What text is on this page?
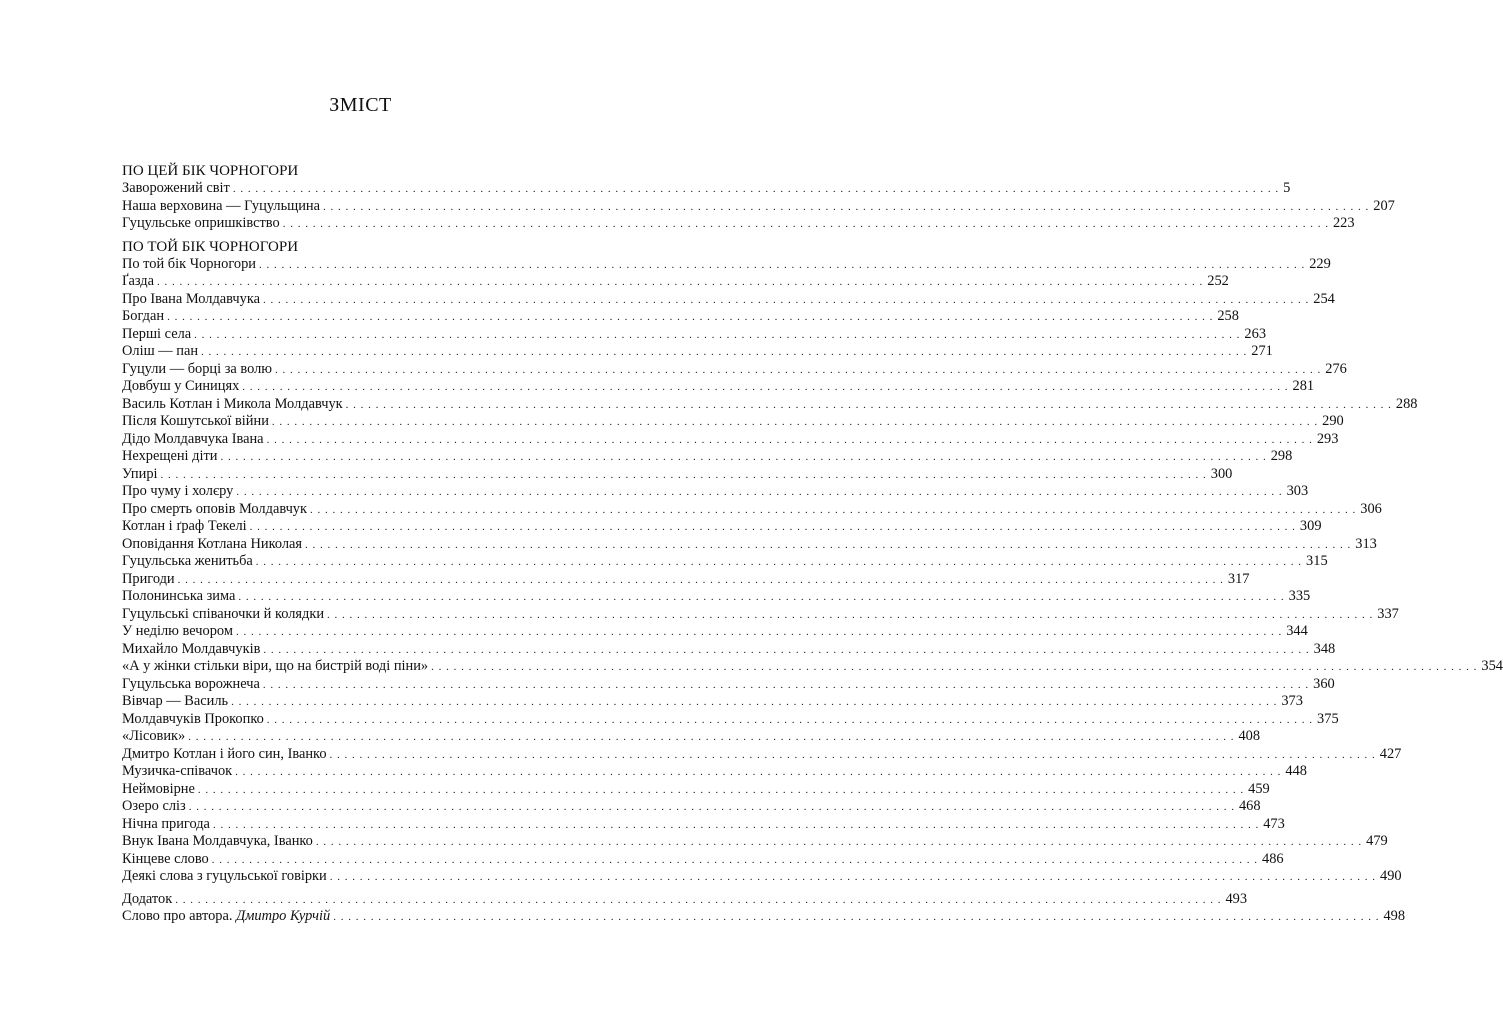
ЗМІСТ
ПО ЦЕЙ БІК ЧОРНОГОРИ
Заворожений світ . . . . . . . . . . . . . . . . . . . . . . . . . . . . . . . . . . . . . . . . . . . . . . . . . . . . . . . . . . . . . . . . . . . . . . . . . . . . . . . . . . . . . . . . . . . . . . . . . . . . . . . . . . . . . . . . . . . . . . . . . . . . . . . . . . . . . . . . . . . . 5
Наша верховина — Гуцульщина . . . . . . . . . . . . . . . . . . . . . . . . . . . . . . . . . . . . . . . . . . . . . . . . . . . . . . . . . . . . . . . . . . . . . . . . . . . . . . . . . . . . . . . . . . . . . . . . . . . . . . . . . . . . . . . . . . . . . . . . . . . . . . . . . . . . . . . . . . . . 207
Гуцульське опришківство . . . . . . . . . . . . . . . . . . . . . . . . . . . . . . . . . . . . . . . . . . . . . . . . . . . . . . . . . . . . . . . . . . . . . . . . . . . . . . . . . . . . . . . . . . . . . . . . . . . . . . . . . . . . . . . . . . . . . . . . . . . . . . . . . . . . . . . . . . . . 223
ПО ТОЙ БІК ЧОРНОГОРИ
По той бік Чорногори . . . . . . . . . . . . . . . . . . . . . . . . . . . . . . . . . . . . . . . . . . . . . . . . . . . . . . . . . . . . . . . . . . . . . . . . . . . . . . . . . . . . . . . . . . . . . . . . . . . . . . . . . . . . . . . . . . . . . . . . . . . . . . . . . . . . . . . . . . . . 229
Ґазда . . . . . . . . . . . . . . . . . . . . . . . . . . . . . . . . . . . . . . . . . . . . . . . . . . . . . . . . . . . . . . . . . . . . . . . . . . . . . . . . . . . . . . . . . . . . . . . . . . . . . . . . . . . . . . . . . . . . . . . . . . . . . . . . . . . . . . . . . . . . 252
Про Івана Молдавчука . . . . . . . . . . . . . . . . . . . . . . . . . . . . . . . . . . . . . . . . . . . . . . . . . . . . . . . . . . . . . . . . . . . . . . . . . . . . . . . . . . . . . . . . . . . . . . . . . . . . . . . . . . . . . . . . . . . . . . . . . . . . . . . . . . . . . . . . . . . . 254
Богдан . . . . . . . . . . . . . . . . . . . . . . . . . . . . . . . . . . . . . . . . . . . . . . . . . . . . . . . . . . . . . . . . . . . . . . . . . . . . . . . . . . . . . . . . . . . . . . . . . . . . . . . . . . . . . . . . . . . . . . . . . . . . . . . . . . . . . . . . . . . . 258
Перші села . . . . . . . . . . . . . . . . . . . . . . . . . . . . . . . . . . . . . . . . . . . . . . . . . . . . . . . . . . . . . . . . . . . . . . . . . . . . . . . . . . . . . . . . . . . . . . . . . . . . . . . . . . . . . . . . . . . . . . . . . . . . . . . . . . . . . . . . . . . . 263
Оліш — пан . . . . . . . . . . . . . . . . . . . . . . . . . . . . . . . . . . . . . . . . . . . . . . . . . . . . . . . . . . . . . . . . . . . . . . . . . . . . . . . . . . . . . . . . . . . . . . . . . . . . . . . . . . . . . . . . . . . . . . . . . . . . . . . . . . . . . . . . . . . . 271
Гуцули — борці за волю . . . . . . . . . . . . . . . . . . . . . . . . . . . . . . . . . . . . . . . . . . . . . . . . . . . . . . . . . . . . . . . . . . . . . . . . . . . . . . . . . . . . . . . . . . . . . . . . . . . . . . . . . . . . . . . . . . . . . . . . . . . . . . . . . . . . . . . . . . . . 276
Довбуш у Синицях . . . . . . . . . . . . . . . . . . . . . . . . . . . . . . . . . . . . . . . . . . . . . . . . . . . . . . . . . . . . . . . . . . . . . . . . . . . . . . . . . . . . . . . . . . . . . . . . . . . . . . . . . . . . . . . . . . . . . . . . . . . . . . . . . . . . . . . . . . . . 281
Василь Котлан і Микола Молдавчук . . . . . . . . . . . . . . . . . . . . . . . . . . . . . . . . . . . . . . . . . . . . . . . . . . . . . . . . . . . . . . . . . . . . . . . . . . . . . . . . . . . . . . . . . . . . . . . . . . . . . . . . . . . . . . . . . . . . . . . . . . . . . . . . . . . . . . . . . . . . 288
Після Кошутської війни . . . . . . . . . . . . . . . . . . . . . . . . . . . . . . . . . . . . . . . . . . . . . . . . . . . . . . . . . . . . . . . . . . . . . . . . . . . . . . . . . . . . . . . . . . . . . . . . . . . . . . . . . . . . . . . . . . . . . . . . . . . . . . . . . . . . . . . . . . . . 290
Дідо Молдавчука Івана . . . . . . . . . . . . . . . . . . . . . . . . . . . . . . . . . . . . . . . . . . . . . . . . . . . . . . . . . . . . . . . . . . . . . . . . . . . . . . . . . . . . . . . . . . . . . . . . . . . . . . . . . . . . . . . . . . . . . . . . . . . . . . . . . . . . . . . . . . . . 293
Нехрещені діти . . . . . . . . . . . . . . . . . . . . . . . . . . . . . . . . . . . . . . . . . . . . . . . . . . . . . . . . . . . . . . . . . . . . . . . . . . . . . . . . . . . . . . . . . . . . . . . . . . . . . . . . . . . . . . . . . . . . . . . . . . . . . . . . . . . . . . . . . . . . 298
Упирі . . . . . . . . . . . . . . . . . . . . . . . . . . . . . . . . . . . . . . . . . . . . . . . . . . . . . . . . . . . . . . . . . . . . . . . . . . . . . . . . . . . . . . . . . . . . . . . . . . . . . . . . . . . . . . . . . . . . . . . . . . . . . . . . . . . . . . . . . . . . 300
Про чуму і холєру . . . . . . . . . . . . . . . . . . . . . . . . . . . . . . . . . . . . . . . . . . . . . . . . . . . . . . . . . . . . . . . . . . . . . . . . . . . . . . . . . . . . . . . . . . . . . . . . . . . . . . . . . . . . . . . . . . . . . . . . . . . . . . . . . . . . . . . . . . . . 303
Про смерть оповів Молдавчук . . . . . . . . . . . . . . . . . . . . . . . . . . . . . . . . . . . . . . . . . . . . . . . . . . . . . . . . . . . . . . . . . . . . . . . . . . . . . . . . . . . . . . . . . . . . . . . . . . . . . . . . . . . . . . . . . . . . . . . . . . . . . . . . . . . . . . . . . . . . 306
Котлан і ґраф Текелі . . . . . . . . . . . . . . . . . . . . . . . . . . . . . . . . . . . . . . . . . . . . . . . . . . . . . . . . . . . . . . . . . . . . . . . . . . . . . . . . . . . . . . . . . . . . . . . . . . . . . . . . . . . . . . . . . . . . . . . . . . . . . . . . . . . . . . . . . . . . 309
Оповідання Котлана Николая . . . . . . . . . . . . . . . . . . . . . . . . . . . . . . . . . . . . . . . . . . . . . . . . . . . . . . . . . . . . . . . . . . . . . . . . . . . . . . . . . . . . . . . . . . . . . . . . . . . . . . . . . . . . . . . . . . . . . . . . . . . . . . . . . . . . . . . . . . . . 313
Гуцульська женитьба . . . . . . . . . . . . . . . . . . . . . . . . . . . . . . . . . . . . . . . . . . . . . . . . . . . . . . . . . . . . . . . . . . . . . . . . . . . . . . . . . . . . . . . . . . . . . . . . . . . . . . . . . . . . . . . . . . . . . . . . . . . . . . . . . . . . . . . . . . . . 315
Пригоди . . . . . . . . . . . . . . . . . . . . . . . . . . . . . . . . . . . . . . . . . . . . . . . . . . . . . . . . . . . . . . . . . . . . . . . . . . . . . . . . . . . . . . . . . . . . . . . . . . . . . . . . . . . . . . . . . . . . . . . . . . . . . . . . . . . . . . . . . . . . 317
Полонинська зима . . . . . . . . . . . . . . . . . . . . . . . . . . . . . . . . . . . . . . . . . . . . . . . . . . . . . . . . . . . . . . . . . . . . . . . . . . . . . . . . . . . . . . . . . . . . . . . . . . . . . . . . . . . . . . . . . . . . . . . . . . . . . . . . . . . . . . . . . . . . 335
Гуцульські співаночки й колядки . . . . . . . . . . . . . . . . . . . . . . . . . . . . . . . . . . . . . . . . . . . . . . . . . . . . . . . . . . . . . . . . . . . . . . . . . . . . . . . . . . . . . . . . . . . . . . . . . . . . . . . . . . . . . . . . . . . . . . . . . . . . . . . . . . . . . . . . . . . . 337
У неділю вечором . . . . . . . . . . . . . . . . . . . . . . . . . . . . . . . . . . . . . . . . . . . . . . . . . . . . . . . . . . . . . . . . . . . . . . . . . . . . . . . . . . . . . . . . . . . . . . . . . . . . . . . . . . . . . . . . . . . . . . . . . . . . . . . . . . . . . . . . . . . . 344
Михайло Молдавчуків . . . . . . . . . . . . . . . . . . . . . . . . . . . . . . . . . . . . . . . . . . . . . . . . . . . . . . . . . . . . . . . . . . . . . . . . . . . . . . . . . . . . . . . . . . . . . . . . . . . . . . . . . . . . . . . . . . . . . . . . . . . . . . . . . . . . . . . . . . . . 348
«А у жінки стільки віри, що на бистрій воді піни» . . . . . . . . . . . . . . . . . . . . . . . . . . . . . . . . . . . . . . . . . . . . . . . . . . . . . . . . . . . . . . . . . . . . . . . . . . . . . . . . . . . . . . . . . . . . . . . . . . . . . . . . . . . . . . . . . . . . . . . . . . . . . . . . . . . . . . . . . . . . 354
Гуцульська ворожнеча . . . . . . . . . . . . . . . . . . . . . . . . . . . . . . . . . . . . . . . . . . . . . . . . . . . . . . . . . . . . . . . . . . . . . . . . . . . . . . . . . . . . . . . . . . . . . . . . . . . . . . . . . . . . . . . . . . . . . . . . . . . . . . . . . . . . . . . . . . . . 360
Вівчар — Василь . . . . . . . . . . . . . . . . . . . . . . . . . . . . . . . . . . . . . . . . . . . . . . . . . . . . . . . . . . . . . . . . . . . . . . . . . . . . . . . . . . . . . . . . . . . . . . . . . . . . . . . . . . . . . . . . . . . . . . . . . . . . . . . . . . . . . . . . . . . . 373
Молдавчуків Прокопко . . . . . . . . . . . . . . . . . . . . . . . . . . . . . . . . . . . . . . . . . . . . . . . . . . . . . . . . . . . . . . . . . . . . . . . . . . . . . . . . . . . . . . . . . . . . . . . . . . . . . . . . . . . . . . . . . . . . . . . . . . . . . . . . . . . . . . . . . . . . 375
«Лісовик» . . . . . . . . . . . . . . . . . . . . . . . . . . . . . . . . . . . . . . . . . . . . . . . . . . . . . . . . . . . . . . . . . . . . . . . . . . . . . . . . . . . . . . . . . . . . . . . . . . . . . . . . . . . . . . . . . . . . . . . . . . . . . . . . . . . . . . . . . . . . 408
Дмитро Котлан і його син, Іванко . . . . . . . . . . . . . . . . . . . . . . . . . . . . . . . . . . . . . . . . . . . . . . . . . . . . . . . . . . . . . . . . . . . . . . . . . . . . . . . . . . . . . . . . . . . . . . . . . . . . . . . . . . . . . . . . . . . . . . . . . . . . . . . . . . . . . . . . . . . . 427
Музичка-співачок . . . . . . . . . . . . . . . . . . . . . . . . . . . . . . . . . . . . . . . . . . . . . . . . . . . . . . . . . . . . . . . . . . . . . . . . . . . . . . . . . . . . . . . . . . . . . . . . . . . . . . . . . . . . . . . . . . . . . . . . . . . . . . . . . . . . . . . . . . . . 448
Неймовірне . . . . . . . . . . . . . . . . . . . . . . . . . . . . . . . . . . . . . . . . . . . . . . . . . . . . . . . . . . . . . . . . . . . . . . . . . . . . . . . . . . . . . . . . . . . . . . . . . . . . . . . . . . . . . . . . . . . . . . . . . . . . . . . . . . . . . . . . . . . . 459
Озеро сліз . . . . . . . . . . . . . . . . . . . . . . . . . . . . . . . . . . . . . . . . . . . . . . . . . . . . . . . . . . . . . . . . . . . . . . . . . . . . . . . . . . . . . . . . . . . . . . . . . . . . . . . . . . . . . . . . . . . . . . . . . . . . . . . . . . . . . . . . . . . . 468
Нічна пригода . . . . . . . . . . . . . . . . . . . . . . . . . . . . . . . . . . . . . . . . . . . . . . . . . . . . . . . . . . . . . . . . . . . . . . . . . . . . . . . . . . . . . . . . . . . . . . . . . . . . . . . . . . . . . . . . . . . . . . . . . . . . . . . . . . . . . . . . . . . . 473
Внук Івана Молдавчука, Іванко . . . . . . . . . . . . . . . . . . . . . . . . . . . . . . . . . . . . . . . . . . . . . . . . . . . . . . . . . . . . . . . . . . . . . . . . . . . . . . . . . . . . . . . . . . . . . . . . . . . . . . . . . . . . . . . . . . . . . . . . . . . . . . . . . . . . . . . . . . . . 479
Кінцеве слово . . . . . . . . . . . . . . . . . . . . . . . . . . . . . . . . . . . . . . . . . . . . . . . . . . . . . . . . . . . . . . . . . . . . . . . . . . . . . . . . . . . . . . . . . . . . . . . . . . . . . . . . . . . . . . . . . . . . . . . . . . . . . . . . . . . . . . . . . . . . 486
Деякі слова з гуцульської говірки . . . . . . . . . . . . . . . . . . . . . . . . . . . . . . . . . . . . . . . . . . . . . . . . . . . . . . . . . . . . . . . . . . . . . . . . . . . . . . . . . . . . . . . . . . . . . . . . . . . . . . . . . . . . . . . . . . . . . . . . . . . . . . . . . . . . . . . . . . . . 490
Додаток . . . . . . . . . . . . . . . . . . . . . . . . . . . . . . . . . . . . . . . . . . . . . . . . . . . . . . . . . . . . . . . . . . . . . . . . . . . . . . . . . . . . . . . . . . . . . . . . . . . . . . . . . . . . . . . . . . . . . . . . . . . . . . . . . . . . . . . . . . . . 493
Слово про автора. Дмитро Курчій . . . . . . . . . . . . . . . . . . . . . . . . . . . . . . . . . . . . . . . . . . . . . . . . . . . . . . . . . . . . . . . . . . . . . . . . . . . . . . . . . . . . . . . . . . . . . . . . . . . . . . . . . . . . . . . . . . . . . . . . . . . . . . . . . . . . . . . . . . . . 498
